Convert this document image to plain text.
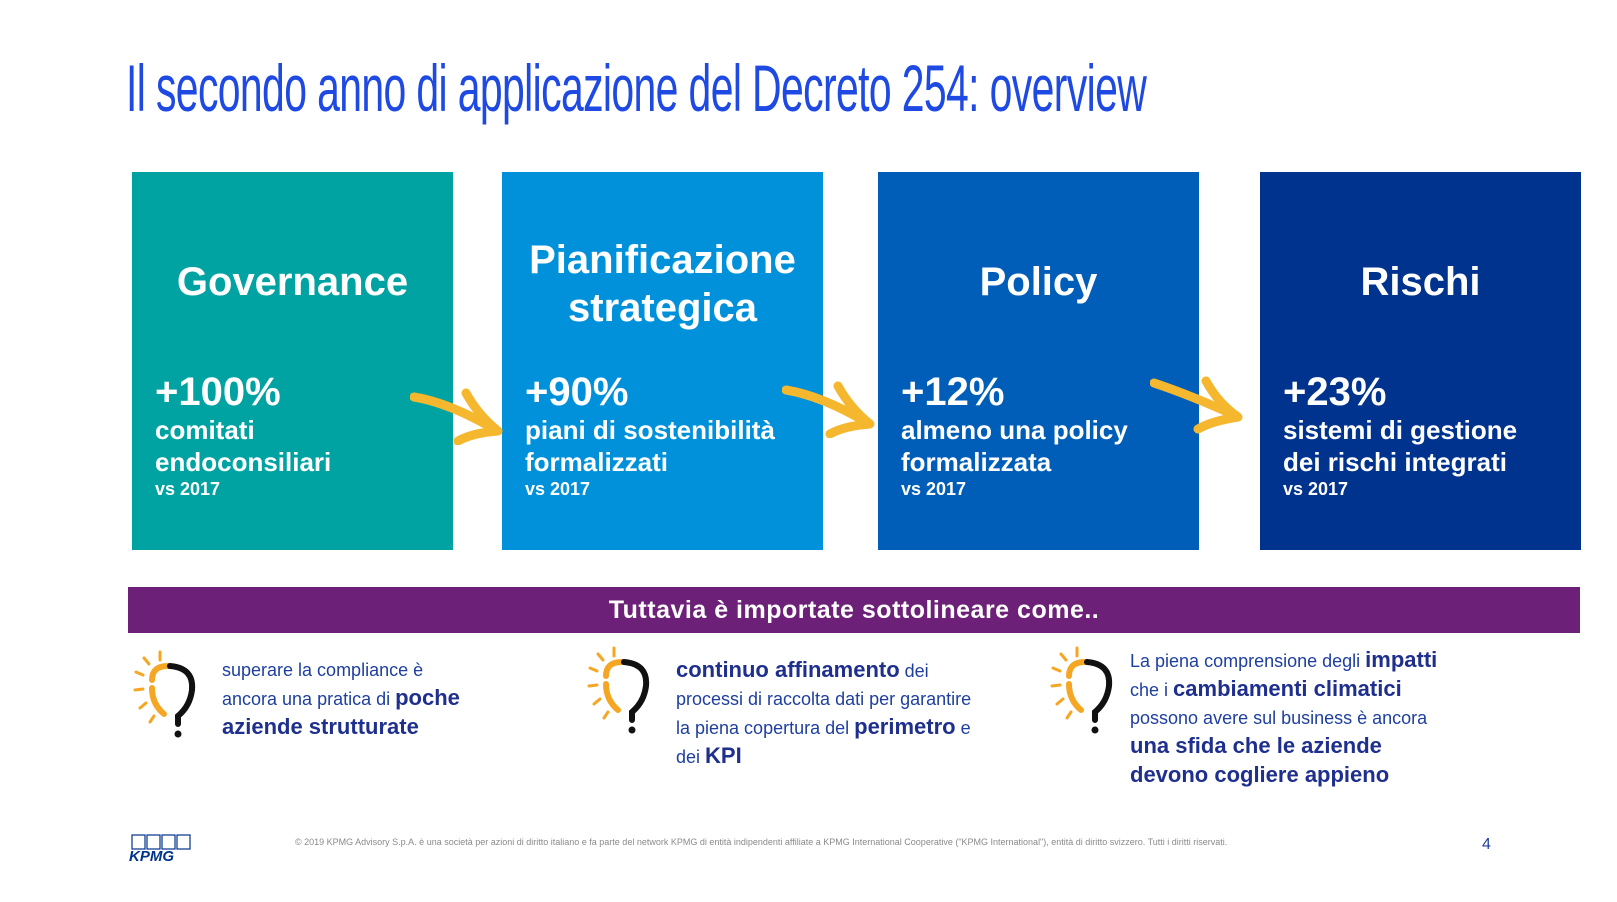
Il secondo anno di applicazione del Decreto 254: overview
Governance
+100%
comitati
endoconsiliari
vs 2017
Pianificazione
strategica
+90%
piani di sostenibilità
formalizzati
vs 2017
Policy
+12%
almeno una policy
formalizzata
vs 2017
Rischi
+23%
sistemi di gestione
dei rischi integrati
vs 2017
Tuttavia è importate sottolineare come..
superare la compliance è
ancora una pratica di poche
aziende strutturate
continuo affinamento dei
processi di raccolta dati per garantire
la piena copertura del perimetro e
dei KPI
La piena comprensione degli impatti
che i cambiamenti climatici
possono avere sul business è ancora
una sfida che le aziende
devono cogliere appieno
KPMG
© 2019 KPMG Advisory S.p.A. è una società per azioni di diritto italiano e fa parte del network KPMG di entità indipendenti affiliate a KPMG International Cooperative ("KPMG International"), entità di diritto svizzero. Tutti i diritti riservati.	4
